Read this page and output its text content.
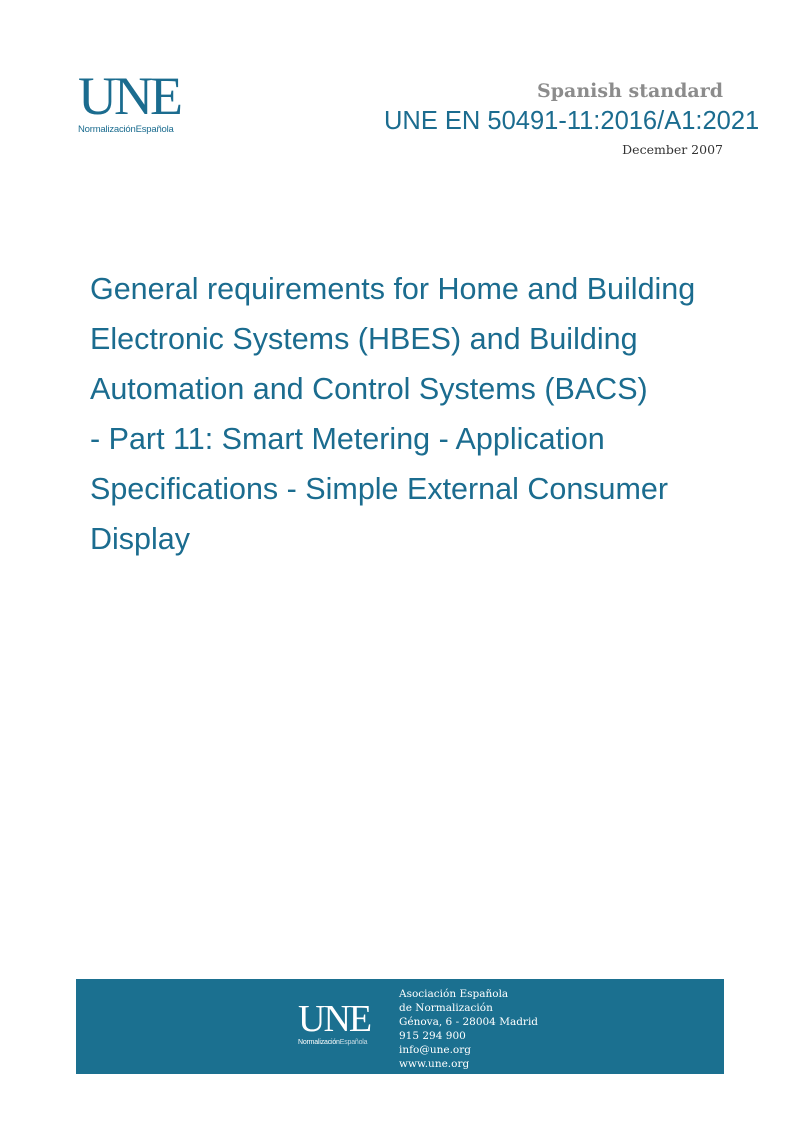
UNE
NormalizaciónEspañola
Spanish standard
UNE EN 50491-11:2016/A1:2021
December 2007
General requirements for Home and Building
Electronic Systems (HBES) and Building
Automation and Control Systems (BACS)
- Part 11: Smart Metering - Application
Specifications - Simple External Consumer
Display
UNE
NormalizaciónEspañola
Asociación Española
de Normalización
Génova, 6 - 28004 Madrid
915 294 900
info@une.org
www.une.org
